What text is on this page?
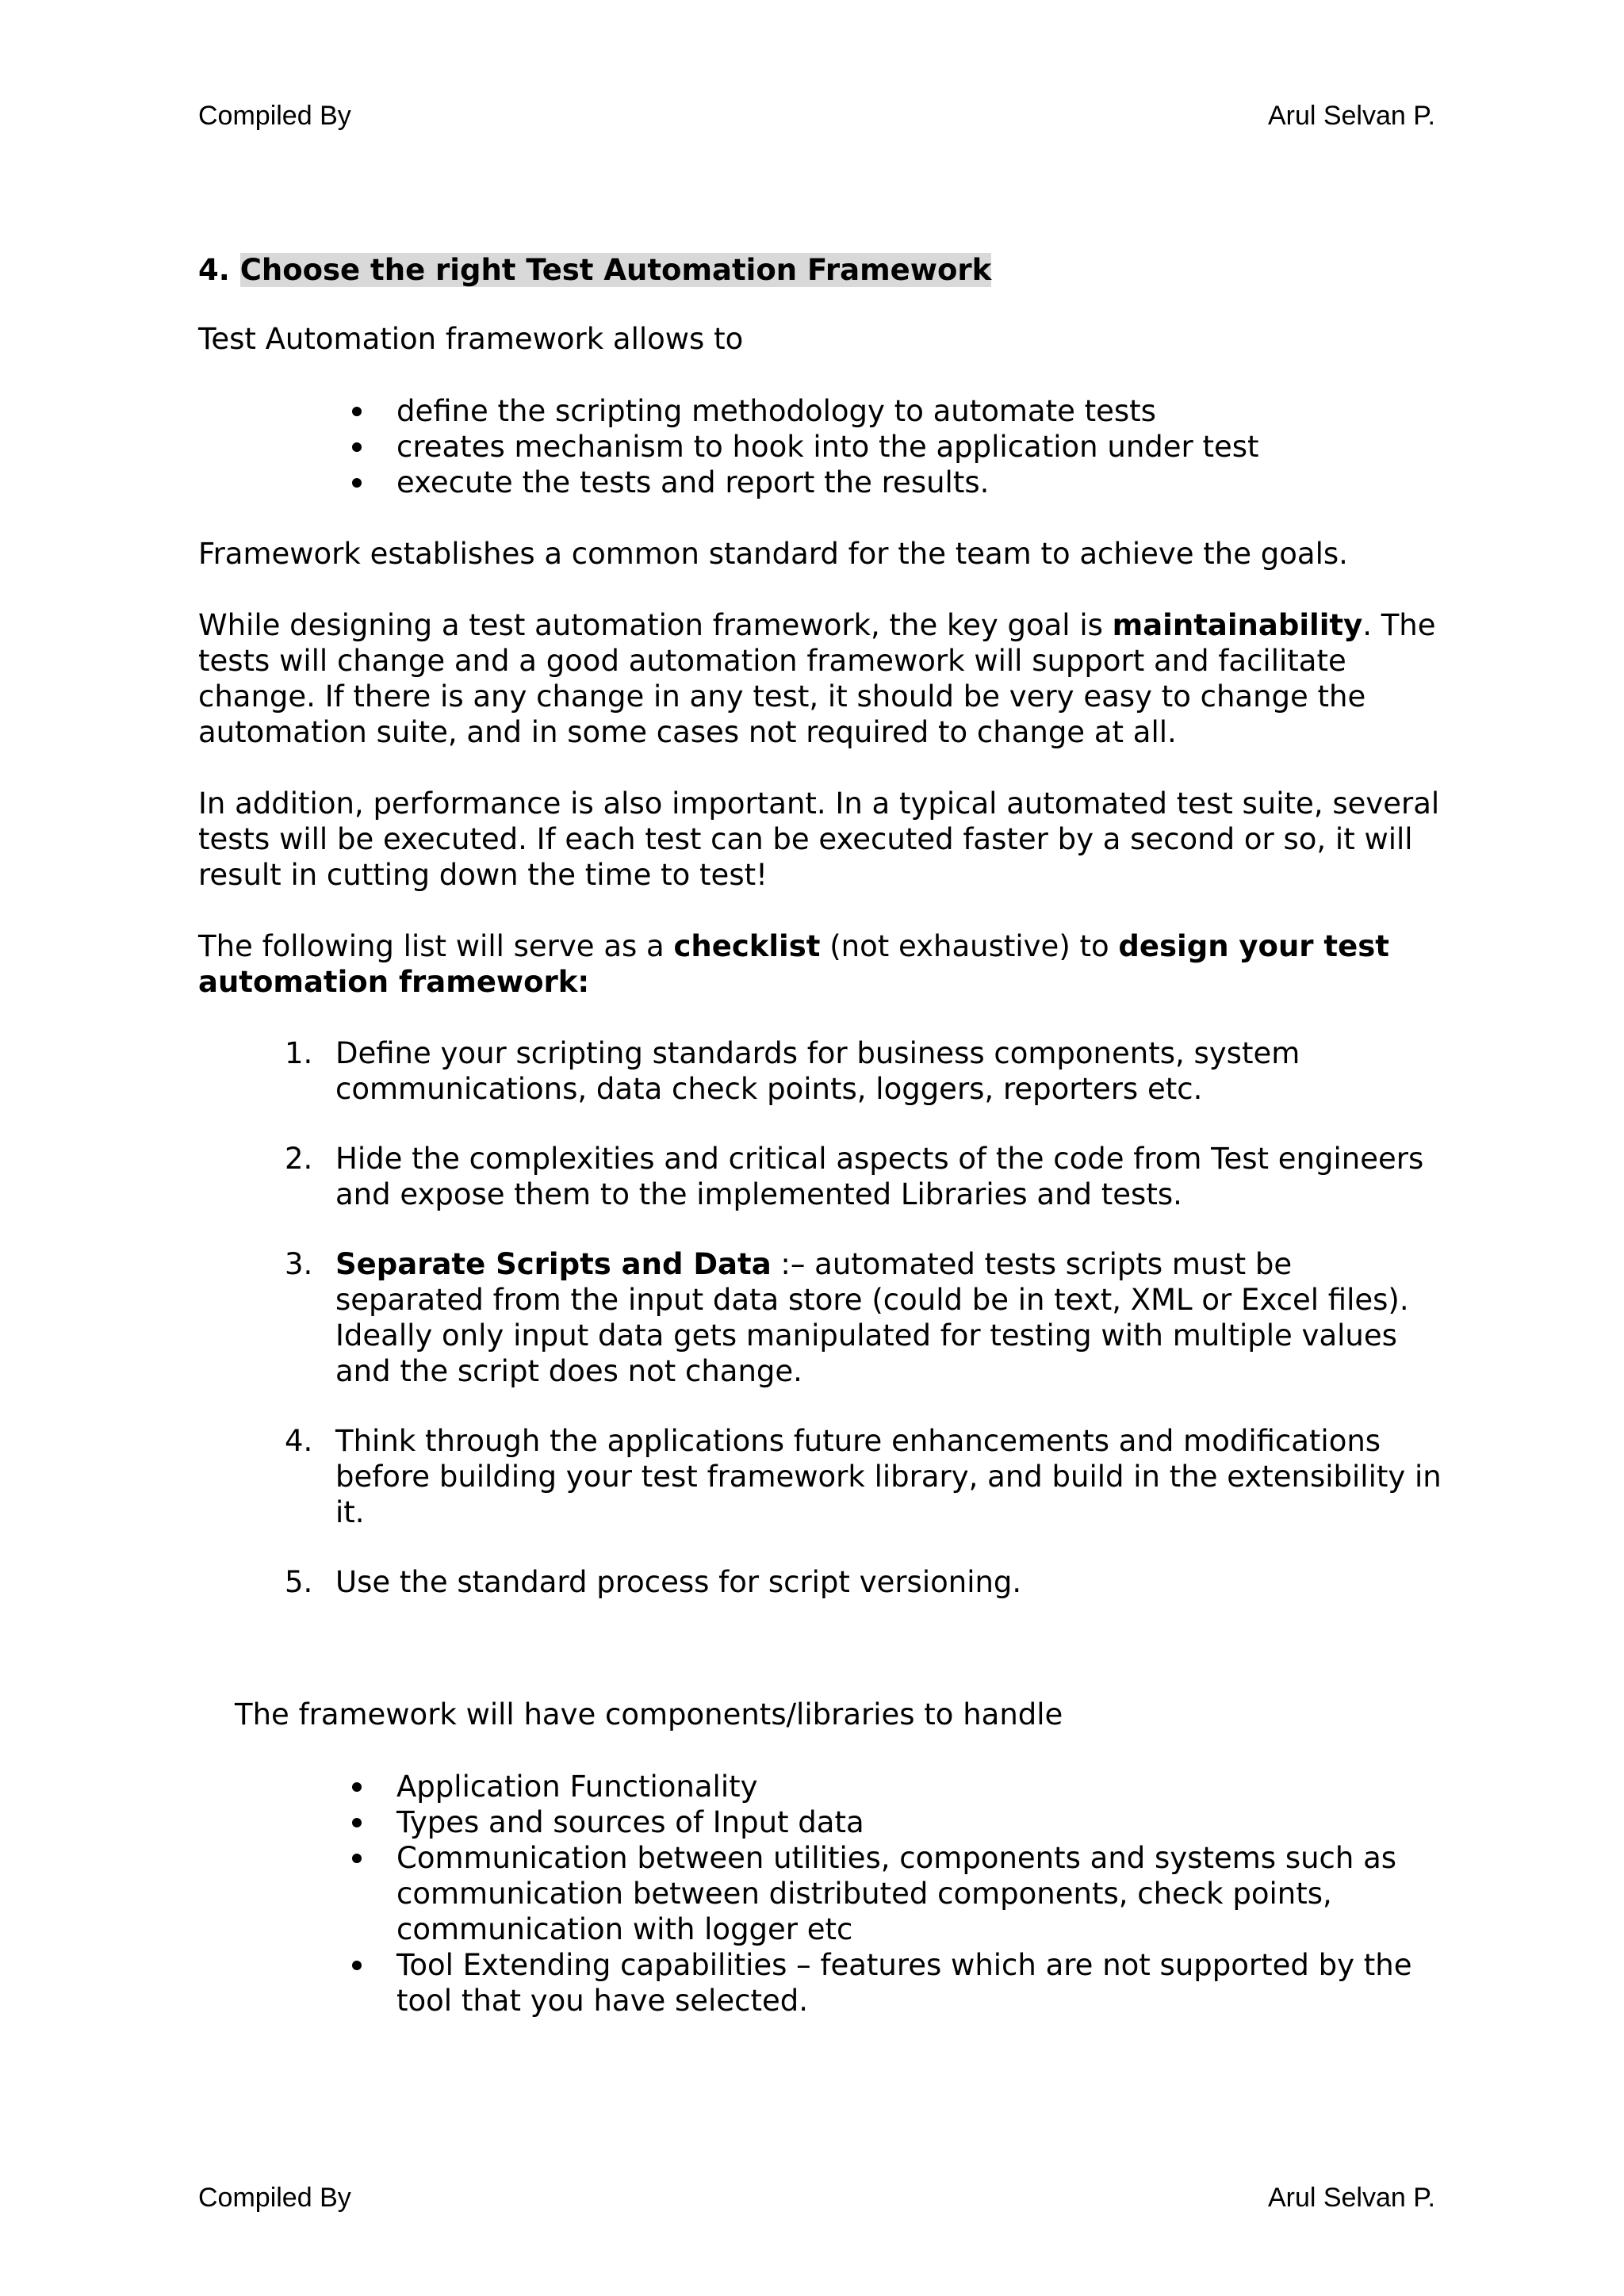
Compiled By	Arul Selvan P.

4. Choose the right Test Automation Framework

Test Automation framework allows to

define the scripting methodology to automate tests
creates mechanism to hook into the application under test
execute the tests and report the results.

Framework establishes a common standard for the team to achieve the goals.

While designing a test automation framework, the key goal is maintainability. The tests will change and a good automation framework will support and facilitate change. If there is any change in any test, it should be very easy to change the automation suite, and in some cases not required to change at all.

In addition, performance is also important. In a typical automated test suite, several tests will be executed. If each test can be executed faster by a second or so, it will result in cutting down the time to test!

The following list will serve as a checklist (not exhaustive) to design your test automation framework:

1. Define your scripting standards for business components, system communications, data check points, loggers, reporters etc.
2. Hide the complexities and critical aspects of the code from Test engineers and expose them to the implemented Libraries and tests.
3. Separate Scripts and Data :– automated tests scripts must be separated from the input data store (could be in text, XML or Excel files). Ideally only input data gets manipulated for testing with multiple values and the script does not change.
4. Think through the applications future enhancements and modifications before building your test framework library, and build in the extensibility in it.
5. Use the standard process for script versioning.

The framework will have components/libraries to handle

Application Functionality
Types and sources of Input data
Communication between utilities, components and systems such as communication between distributed components, check points, communication with logger etc
Tool Extending capabilities – features which are not supported by the tool that you have selected.
Compiled By	Arul Selvan P.
